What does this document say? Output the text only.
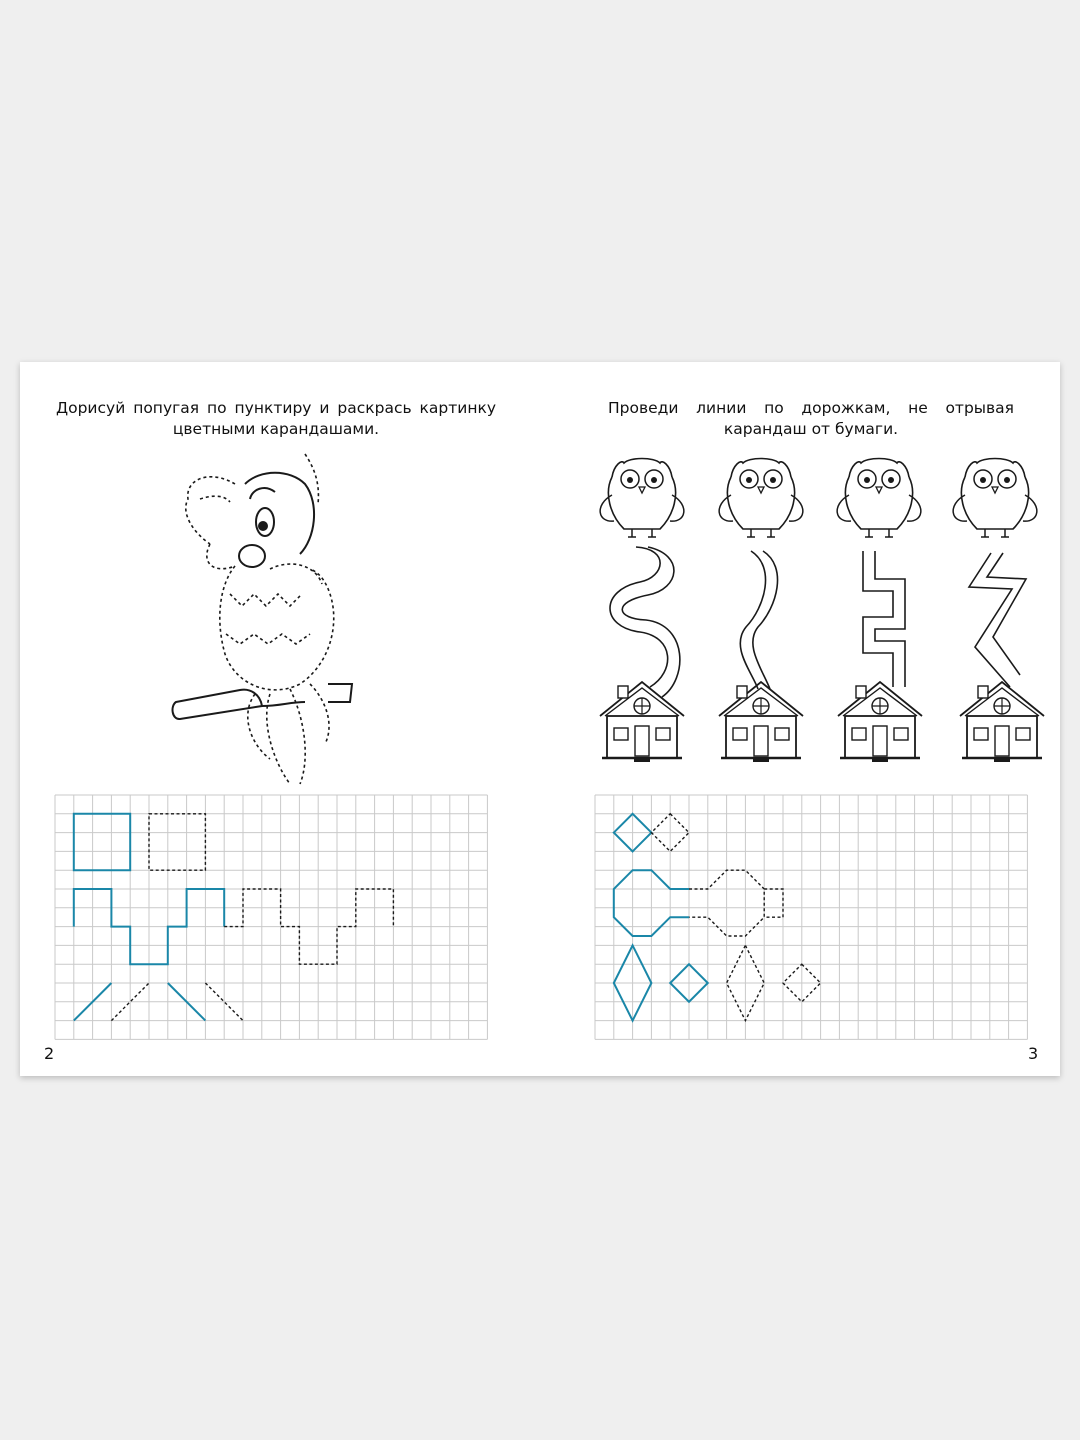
Дорисуй попугая по пунктиру и раскрась картинку цветными карандашами.

2

Проведи линии по дорожкам, не отрывая карандаш от бумаги.

3
